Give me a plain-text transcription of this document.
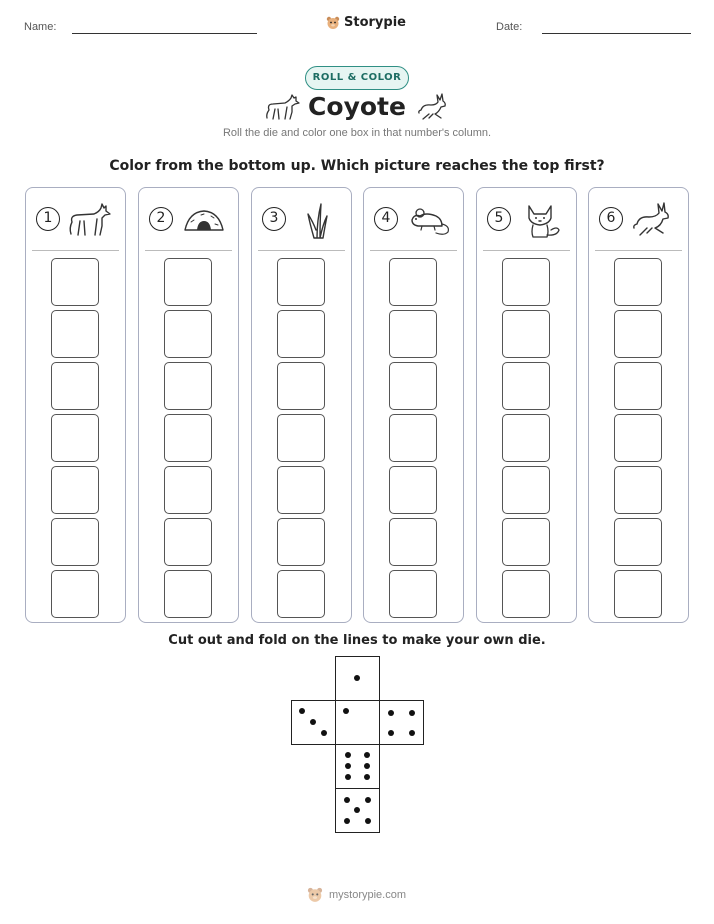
Name:	Storypie	Date:
ROLL & COLOR
Coyote
Roll the die and color one box in that number's column.
Color from the bottom up. Which picture reaches the top first?
1	2	3	4	5	6
Cut out and fold on the lines to make your own die.
mystorypie.com
